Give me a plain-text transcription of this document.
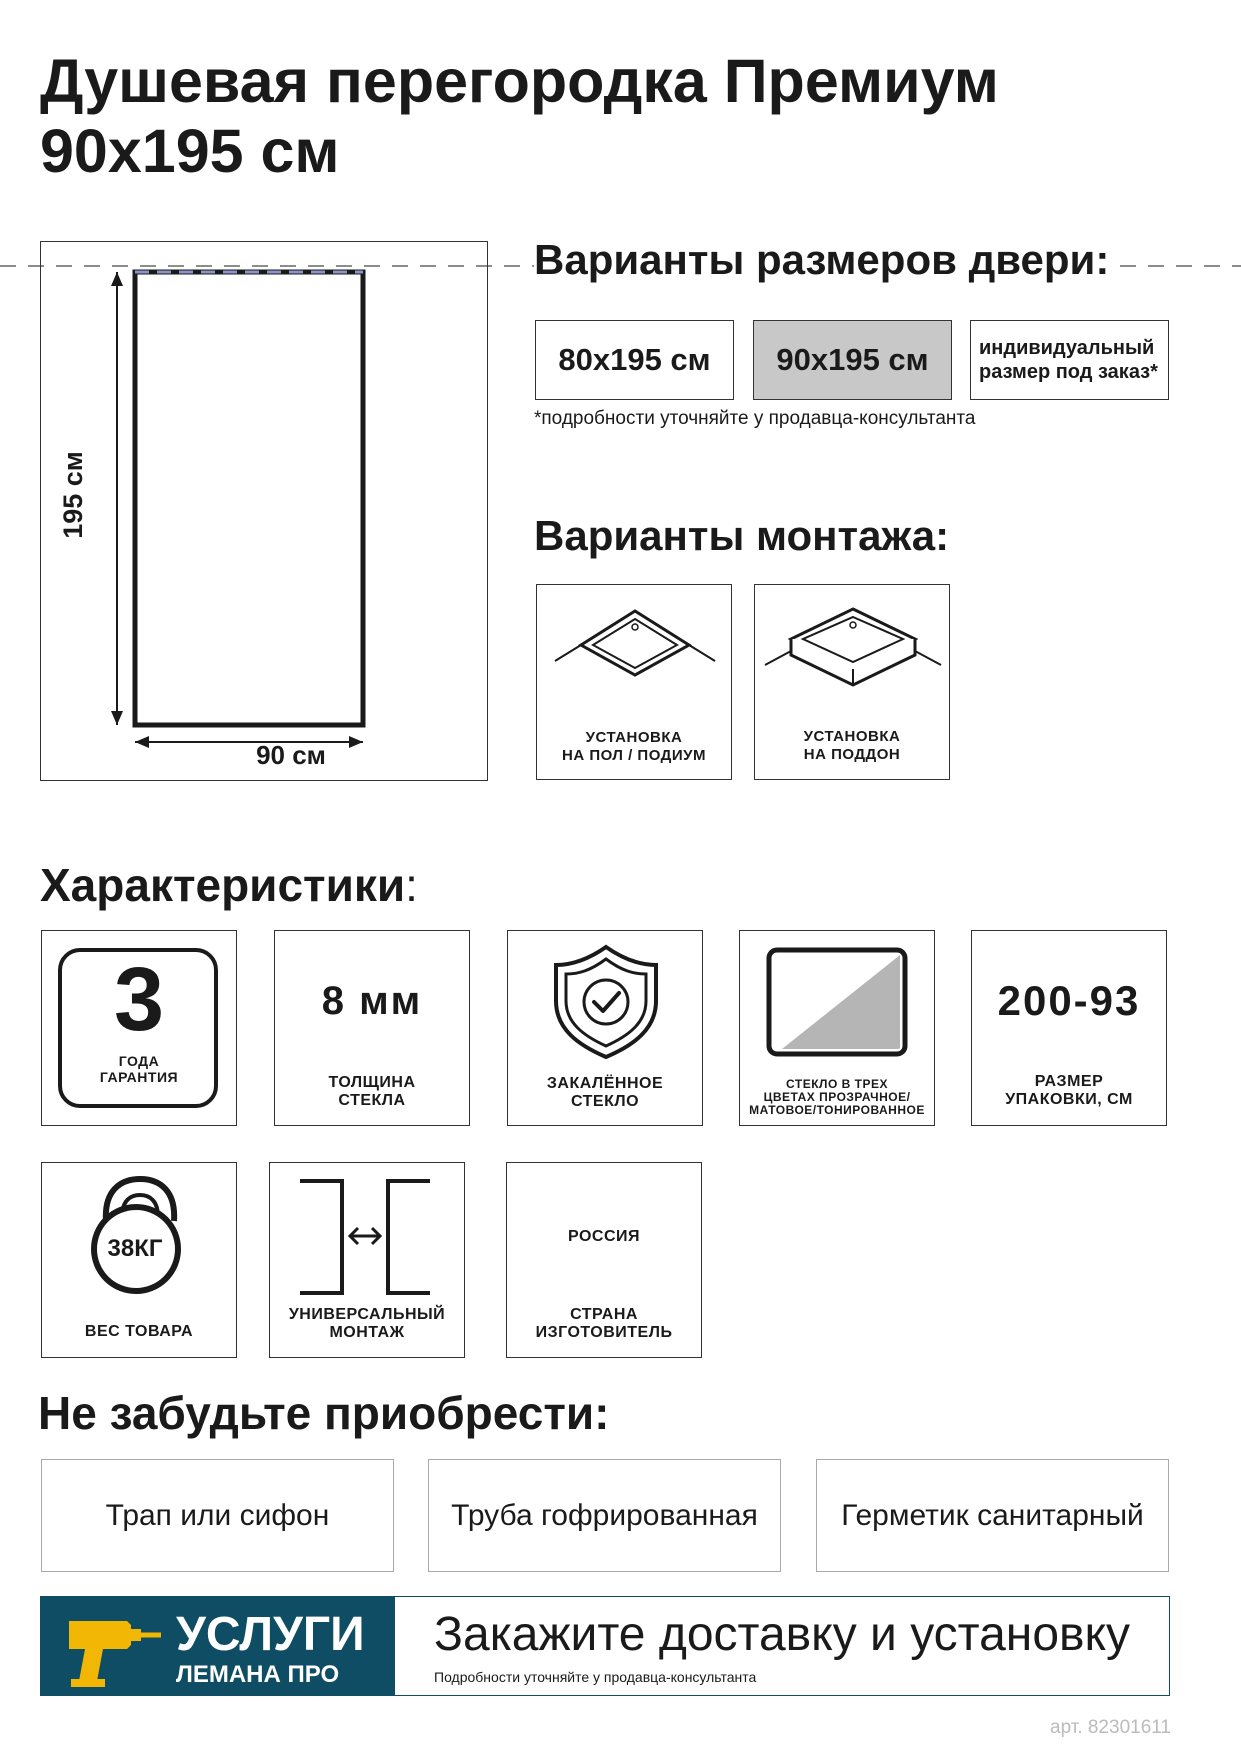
Душевая перегородка Премиум
90x195 см
195 см
90 см
Варианты размеров двери:
80x195 см	90x195 см	индивидуальный размер под заказ*
*подробности уточняйте у продавца-консультанта
Варианты монтажа:
УСТАНОВКА
НА ПОЛ / ПОДИУМ
УСТАНОВКА
НА ПОДДОН
Характеристики:
3
ГОДА
ГАРАНТИЯ
8 мм
ТОЛЩИНА
СТЕКЛА
ЗАКАЛЁННОЕ
СТЕКЛО
СТЕКЛО В ТРЕХ
ЦВЕТАХ ПРОЗРАЧНОЕ/
МАТОВОЕ/ТОНИРОВАННОЕ
200-93
РАЗМЕР
УПАКОВКИ, СМ
38КГ
ВЕС ТОВАРА
УНИВЕРСАЛЬНЫЙ
МОНТАЖ
РОССИЯ
СТРАНА
ИЗГОТОВИТЕЛЬ
Не забудьте приобрести:
Трап или сифон	Труба гофрированная	Герметик санитарный
УСЛУГИ
ЛЕМАНА ПРО
Закажите доставку и установку
Подробности уточняйте у продавца-консультанта
арт. 82301611
